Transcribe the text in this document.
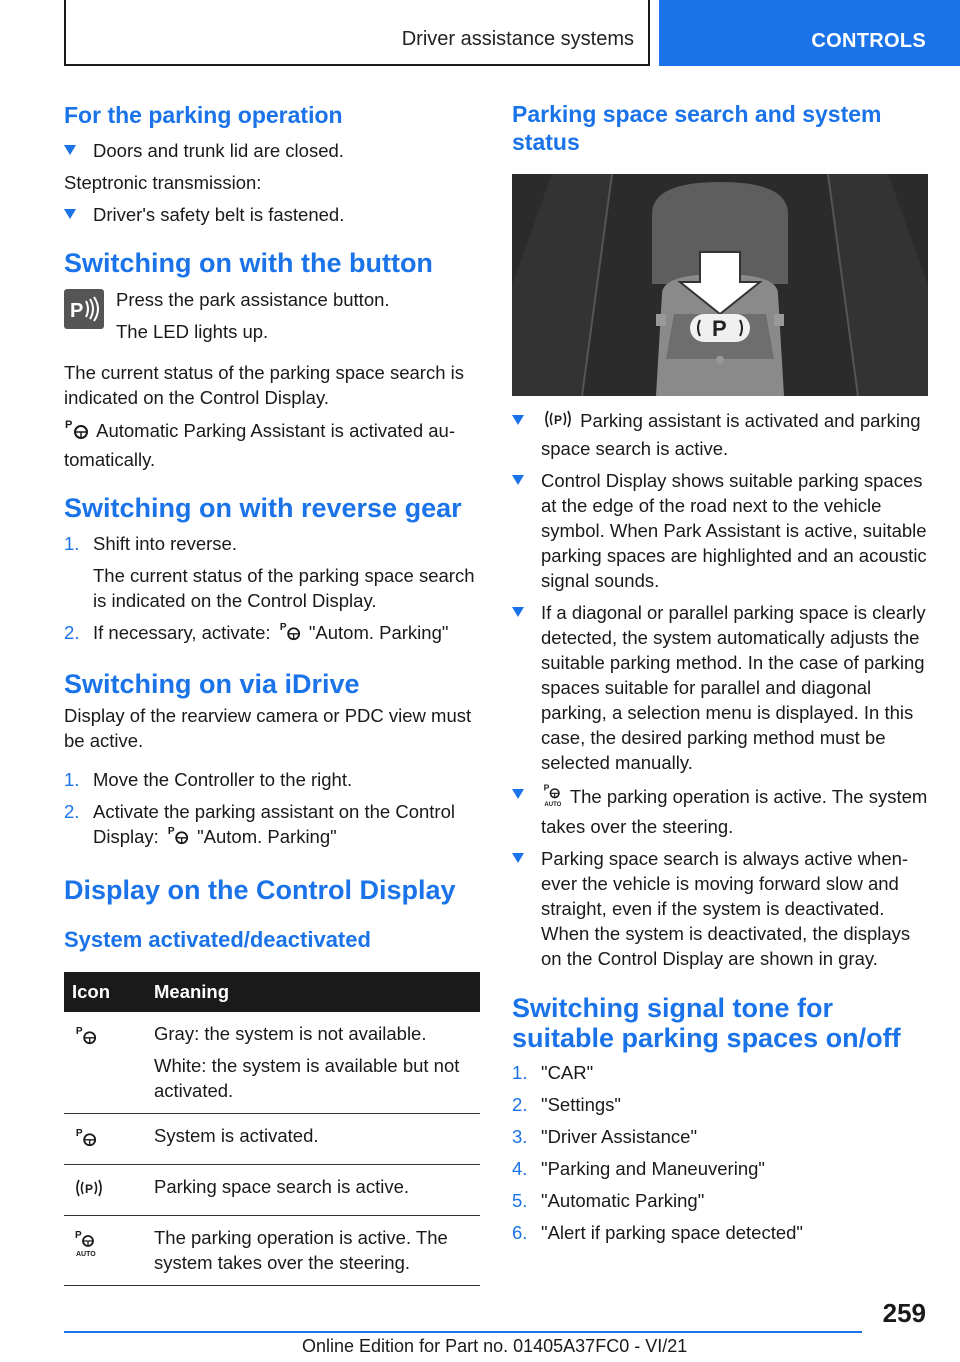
Driver assistance systems	CONTROLS
For the parking operation
Doors and trunk lid are closed.

Steptronic transmission:

Driver's safety belt is fastened.
Switching on with the button
P

Press the park assistance button.

The LED lights up.

The current status of the parking space search is indicated on the Control Display.

P Automatic Parking Assistant is activated automatically.

Switching on with reverse gear
1. Shift into reverse.

The current status of the parking space search is indicated on the Control Display.

2. If necessary, activate: P "Autom. Parking"
Switching on via iDrive

Display of the rearview camera or PDC view must be active.

1. Move the Controller to the right.
2. Activate the parking assistant on the Control Display: P "Autom. Parking"
Display on the Control Display
System activated/deactivated
Icon	Meaning

P	Gray: the system is not available.

White: the system is available but not activated.

P	System is activated.

P	Parking space search is active.

P
AUTO	The parking operation is active. The system takes over the steering.
Parking space search and system status
P
P Parking assistant is activated and parking space search is active.
Control Display shows suitable parking spaces at the edge of the road next to the vehicle symbol. When Park Assistant is active, suitable parking spaces are highlighted and an acoustic signal sounds.
If a diagonal or parallel parking space is clearly detected, the system automatically adjusts the suitable parking method. In the case of parking spaces suitable for parallel and diagonal parking, a selection menu is displayed. In this case, the desired parking method must be selected manually.
P
AUTO The parking operation is active. The system takes over the steering.
Parking space search is always active whenever the vehicle is moving forward slow and straight, even if the system is deactivated. When the system is deactivated, the displays on the Control Display are shown in gray.
Switching signal tone for suitable parking spaces on/off
1. "CAR"
2. "Settings"
3. "Driver Assistance"
4. "Parking and Maneuvering"
5. "Automatic Parking"
6. "Alert if parking space detected"
259
Online Edition for Part no. 01405A37FC0 - VI/21
